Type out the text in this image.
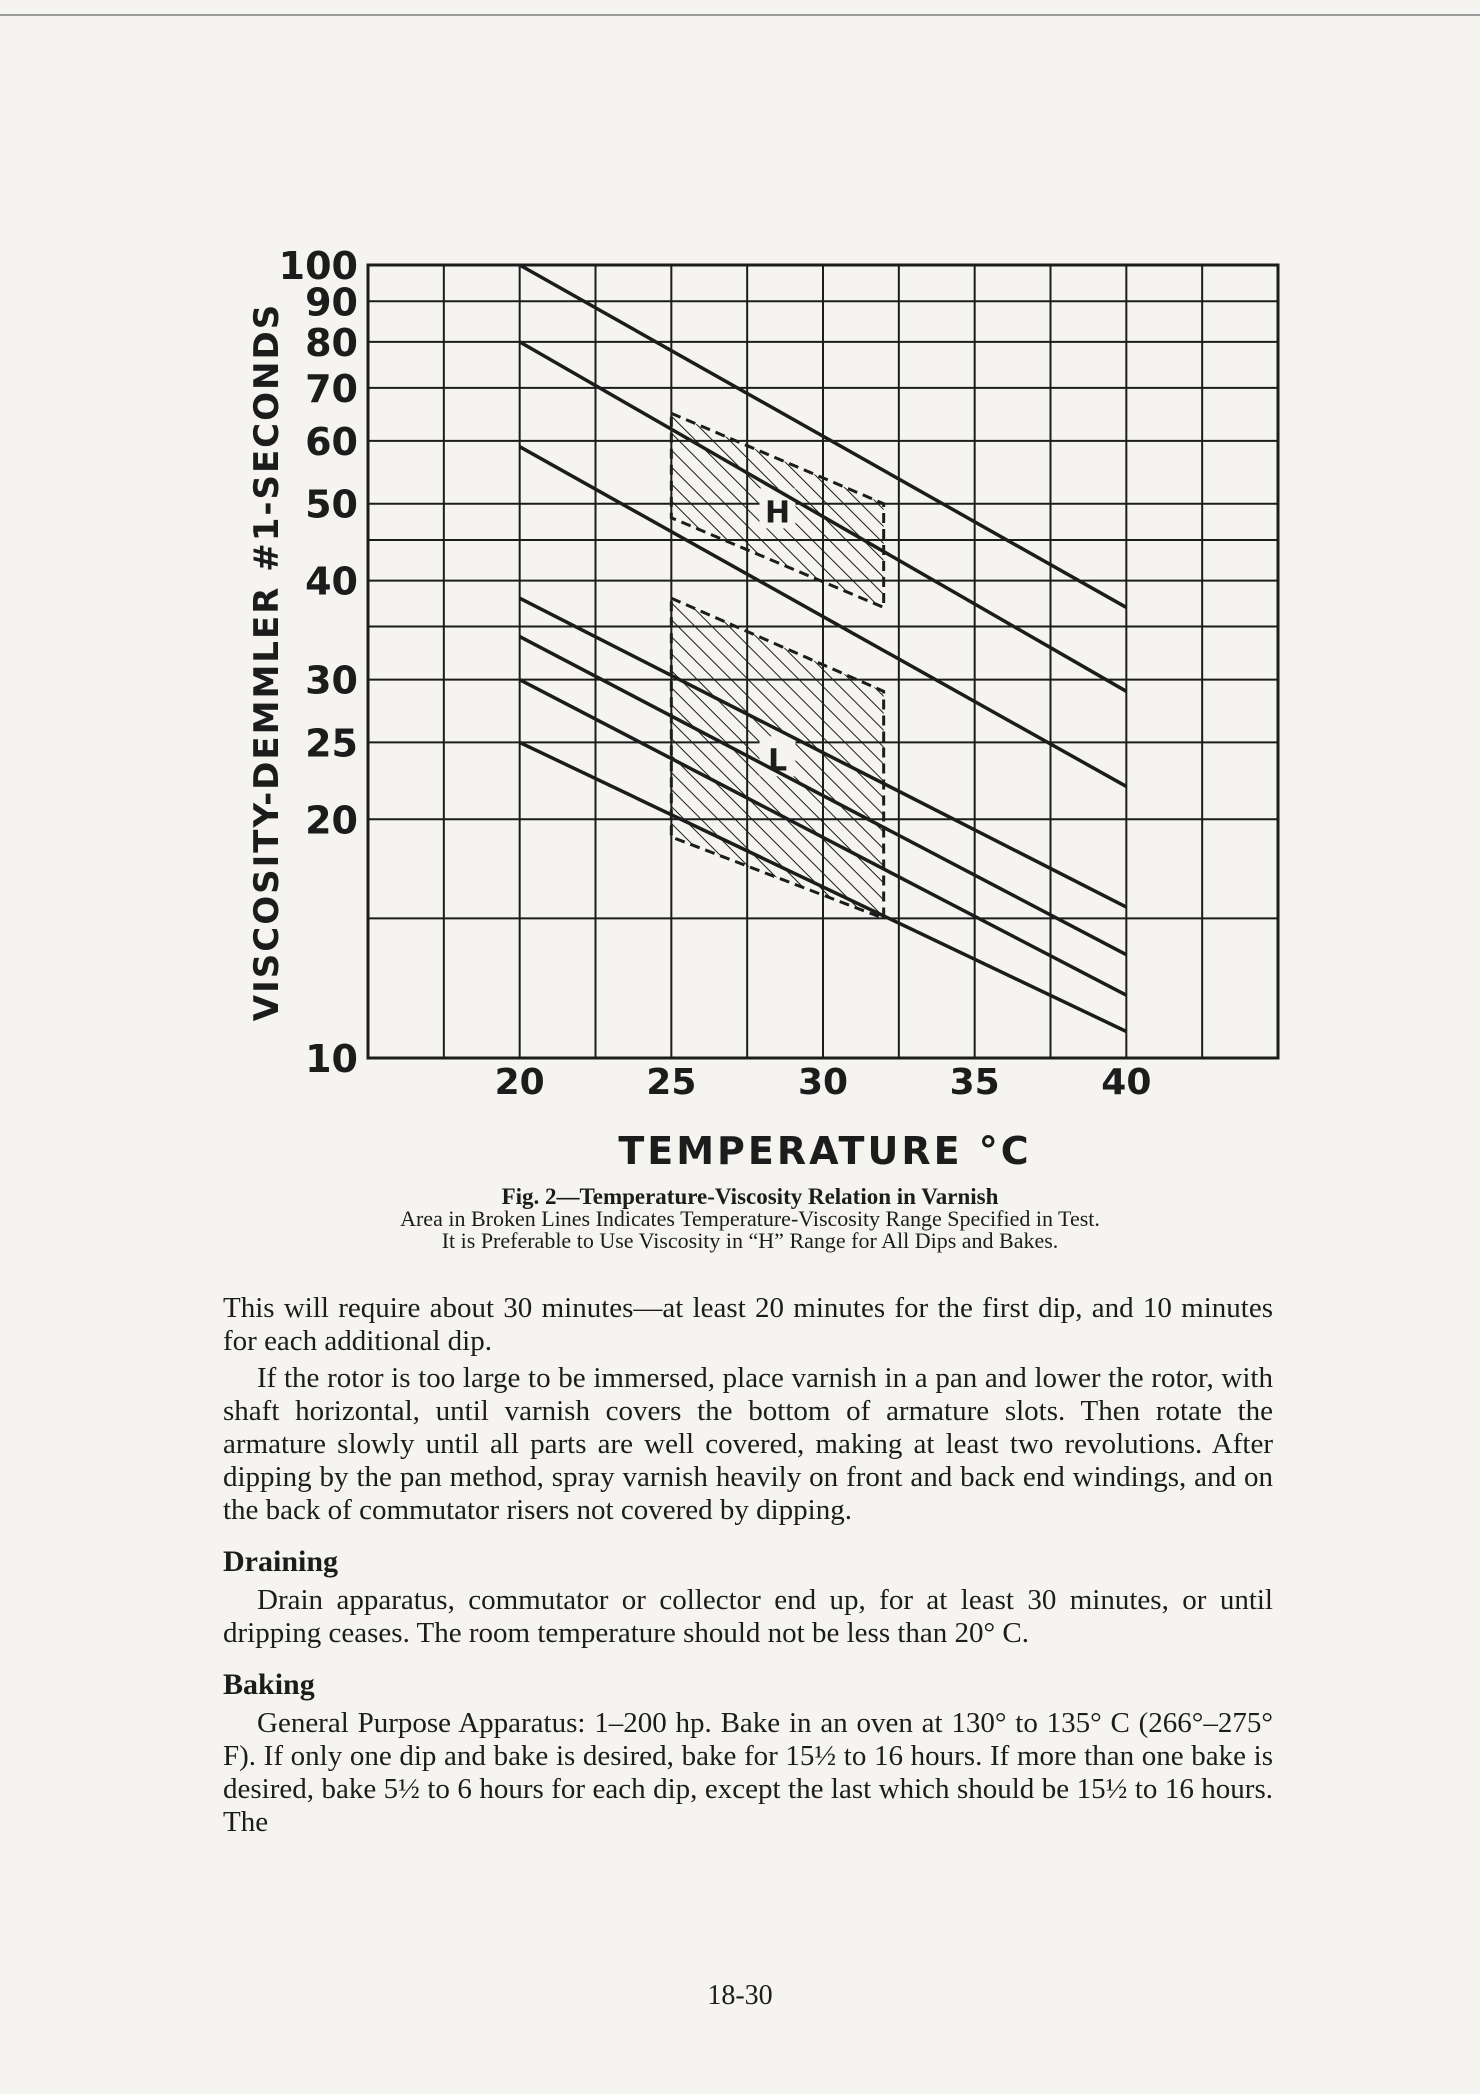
H
L
10
20
25
30
40
50
60
70
80
90
100
20	25	30	35	40
VISCOSITY-DEMMLER #1-SECONDS
TEMPERATURE °C
Fig. 2—Temperature-Viscosity Relation in Varnish
Area in Broken Lines Indicates Temperature-Viscosity Range Specified in Test.
It is Preferable to Use Viscosity in “H” Range for All Dips and Bakes.

This will require about 30 minutes—at least 20 minutes for the first dip, and 10 minutes for each additional dip.

If the rotor is too large to be immersed, place varnish in a pan and lower the rotor, with shaft horizontal, until varnish covers the bottom of armature slots. Then rotate the armature slowly until all parts are well covered, making at least two revolutions. After dipping by the pan method, spray varnish heavily on front and back end windings, and on the back of commutator risers not covered by dipping.

Draining

Drain apparatus, commutator or collector end up, for at least 30 minutes, or until dripping ceases. The room temperature should not be less than 20° C.

Baking

General Purpose Apparatus: 1–200 hp. Bake in an oven at 130° to 135° C (266°–275° F). If only one dip and bake is desired, bake for 15½ to 16 hours. If more than one bake is desired, bake 5½ to 6 hours for each dip, except the last which should be 15½ to 16 hours. The

18-30
